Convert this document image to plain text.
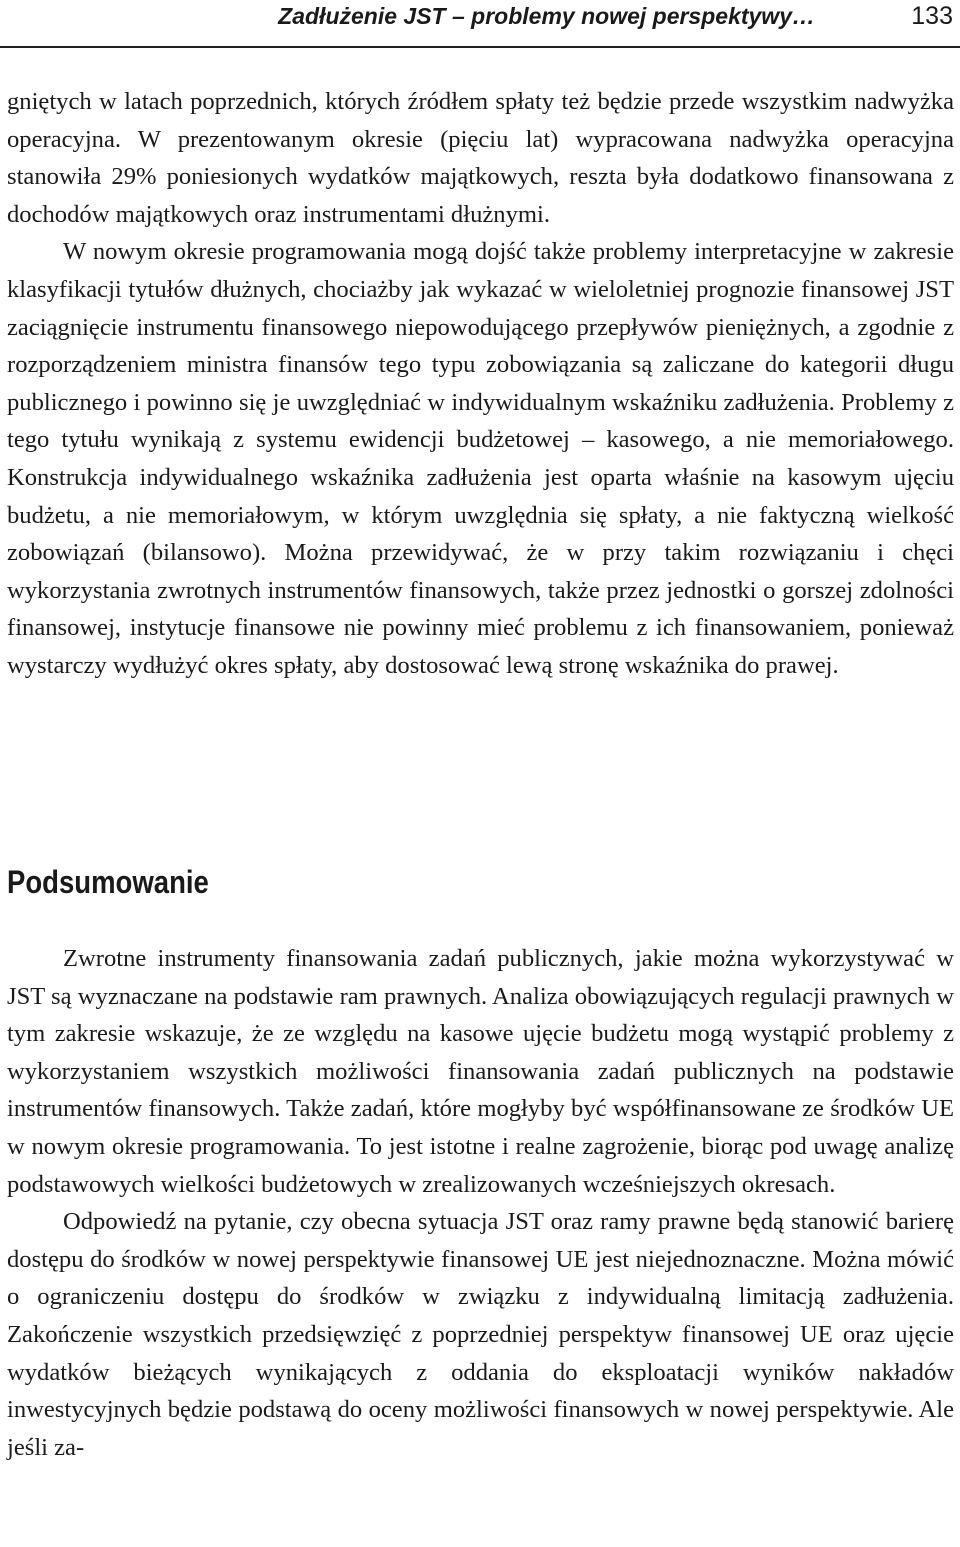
Zadłużenie JST – problemy nowej perspektywy…	133

gniętych w latach poprzednich, których źródłem spłaty też będzie przede wszystkim nadwyżka operacyjna. W prezentowanym okresie (pięciu lat) wypracowana nadwyżka operacyjna stanowiła 29% poniesionych wydatków majątkowych, reszta była dodatkowo finansowana z dochodów majątkowych oraz instrumentami dłużnymi.

W nowym okresie programowania mogą dojść także problemy interpretacyjne w zakresie klasyfikacji tytułów dłużnych, chociażby jak wykazać w wieloletniej prognozie finansowej JST zaciągnięcie instrumentu finansowego niepowodującego przepływów pieniężnych, a zgodnie z rozporządzeniem ministra finansów tego typu zobowiązania są zaliczane do kategorii długu publicznego i powinno się je uwzględniać w indywidualnym wskaźniku zadłużenia. Problemy z tego tytułu wynikają z systemu ewidencji budżetowej – kasowego, a nie memoriałowego. Konstrukcja indywidualnego wskaźnika zadłużenia jest oparta właśnie na kasowym ujęciu budżetu, a nie memoriałowym, w którym uwzględnia się spłaty, a nie faktyczną wielkość zobowiązań (bilansowo). Można przewidywać, że w przy takim rozwiązaniu i chęci wykorzystania zwrotnych instrumentów finansowych, także przez jednostki o gorszej zdolności finansowej, instytucje finansowe nie powinny mieć problemu z ich finansowaniem, ponieważ wystarczy wydłużyć okres spłaty, aby dostosować lewą stronę wskaźnika do prawej.

Podsumowanie

Zwrotne instrumenty finansowania zadań publicznych, jakie można wykorzystywać w JST są wyznaczane na podstawie ram prawnych. Analiza obowiązujących regulacji prawnych w tym zakresie wskazuje, że ze względu na kasowe ujęcie budżetu mogą wystąpić problemy z wykorzystaniem wszystkich możliwości finansowania zadań publicznych na podstawie instrumentów finansowych. Także zadań, które mogłyby być współfinansowane ze środków UE w nowym okresie programowania. To jest istotne i realne zagrożenie, biorąc pod uwagę analizę podstawowych wielkości budżetowych w zrealizowanych wcześniejszych okresach.

Odpowiedź na pytanie, czy obecna sytuacja JST oraz ramy prawne będą stanowić barierę dostępu do środków w nowej perspektywie finansowej UE jest niejednoznaczne. Można mówić o ograniczeniu dostępu do środków w związku z indywidualną limitacją zadłużenia. Zakończenie wszystkich przedsięwzięć z poprzedniej perspektyw finansowej UE oraz ujęcie wydatków bieżących wynikających z oddania do eksploatacji wyników nakładów inwestycyjnych będzie podstawą do oceny możliwości finansowych w nowej perspektywie. Ale jeśli za-
